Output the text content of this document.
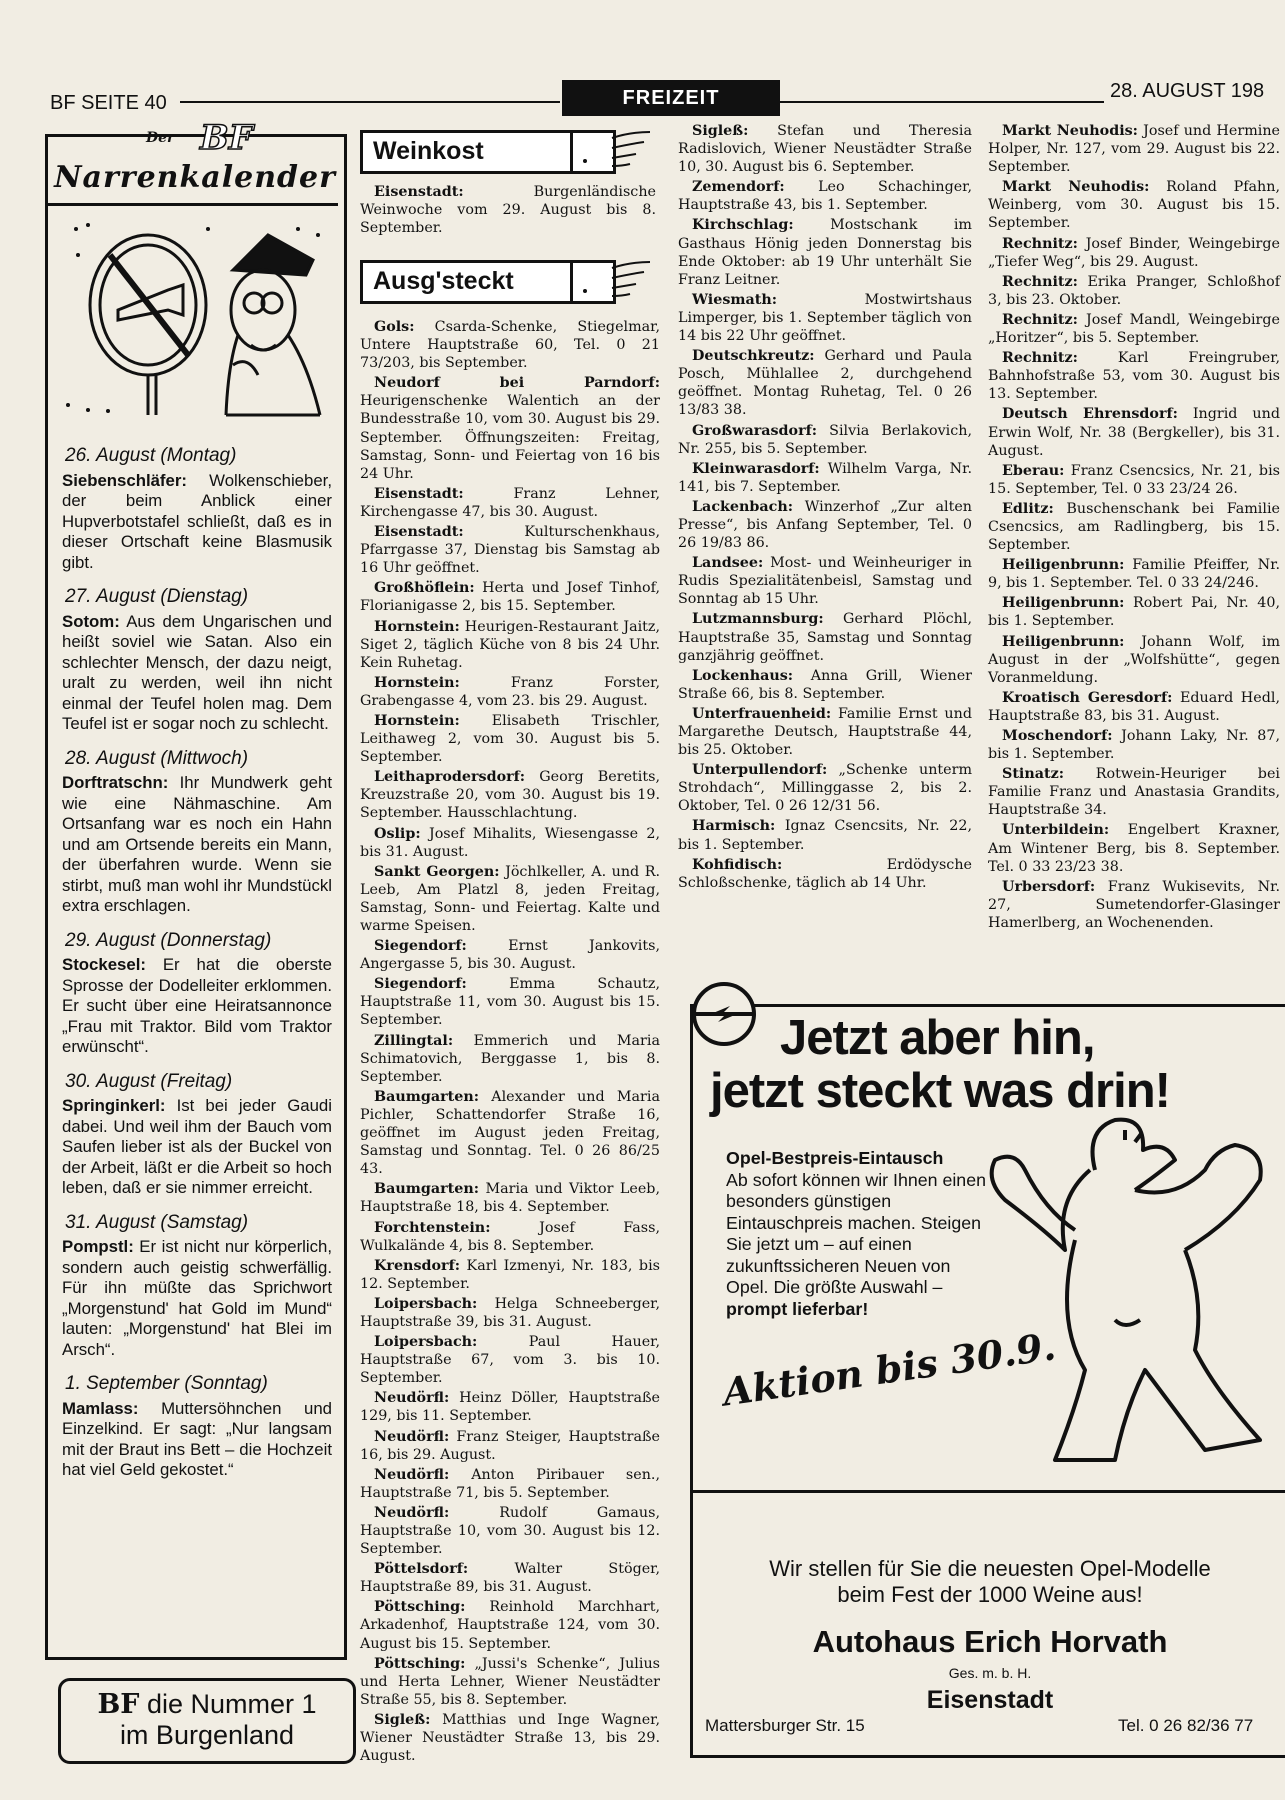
BF SEITE 40	FREIZEIT	28. AUGUST 198
Der BF
Narrenkalender
26. August (Montag)
Siebenschläfer: Wolkenschieber, der beim Anblick einer Hupverbotstafel schließt, daß es in dieser Ortschaft keine Blasmusik gibt.
27. August (Dienstag)
Sotom: Aus dem Ungarischen und heißt soviel wie Satan. Also ein schlechter Mensch, der dazu neigt, uralt zu werden, weil ihn nicht einmal der Teufel holen mag. Dem Teufel ist er sogar noch zu schlecht.
28. August (Mittwoch)
Dorftratschn: Ihr Mundwerk geht wie eine Nähmaschine. Am Ortsanfang war es noch ein Hahn und am Ortsende bereits ein Mann, der überfahren wurde. Wenn sie stirbt, muß man wohl ihr Mundstückl extra erschlagen.
29. August (Donnerstag)
Stockesel: Er hat die oberste Sprosse der Dodelleiter erklommen. Er sucht über eine Heiratsannonce „Frau mit Traktor. Bild vom Traktor erwünscht“.
30. August (Freitag)
Springinkerl: Ist bei jeder Gaudi dabei. Und weil ihm der Bauch vom Saufen lieber ist als der Buckel von der Arbeit, läßt er die Arbeit so hoch leben, daß er sie nimmer erreicht.
31. August (Samstag)
Pompstl: Er ist nicht nur körperlich, sondern auch geistig schwerfällig. Für ihn müßte das Sprichwort „Morgenstund' hat Gold im Mund“ lauten: „Morgenstund' hat Blei im Arsch“.
1. September (Sonntag)
Mamlass: Muttersöhnchen und Einzelkind. Er sagt: „Nur langsam mit der Braut ins Bett – die Hochzeit hat viel Geld gekostet.“
BF die Nummer 1
im Burgenland
Weinkost

Eisenstadt: Burgenländische Weinwoche vom 29. August bis 8. September.

Ausg'steckt

Gols: Csarda-Schenke, Stiegelmar, Untere Hauptstraße 60, Tel. 0 21 73/203, bis September.

Neudorf bei Parndorf: Heurigenschenke Walentich an der Bundesstraße 10, vom 30. August bis 29. September. Öffnungszeiten: Freitag, Samstag, Sonn- und Feiertag von 16 bis 24 Uhr.

Eisenstadt: Franz Lehner, Kirchengasse 47, bis 30. August.

Eisenstadt: Kulturschenkhaus, Pfarrgasse 37, Dienstag bis Samstag ab 16 Uhr geöffnet.

Großhöflein: Herta und Josef Tinhof, Florianigasse 2, bis 15. September.

Hornstein: Heurigen-Restaurant Jaitz, Siget 2, täglich Küche von 8 bis 24 Uhr. Kein Ruhetag.

Hornstein: Franz Forster, Grabengasse 4, vom 23. bis 29. August.

Hornstein: Elisabeth Trischler, Leithaweg 2, vom 30. August bis 5. September.

Leithaprodersdorf: Georg Beretits, Kreuzstraße 20, vom 30. August bis 19. September. Hausschlachtung.

Oslip: Josef Mihalits, Wiesengasse 2, bis 31. August.

Sankt Georgen: Jöchlkeller, A. und R. Leeb, Am Platzl 8, jeden Freitag, Samstag, Sonn- und Feiertag. Kalte und warme Speisen.

Siegendorf: Ernst Jankovits, Angergasse 5, bis 30. August.

Siegendorf: Emma Schautz, Hauptstraße 11, vom 30. August bis 15. September.

Zillingtal: Emmerich und Maria Schimatovich, Berggasse 1, bis 8. September.

Baumgarten: Alexander und Maria Pichler, Schattendorfer Straße 16, geöffnet im August jeden Freitag, Samstag und Sonntag. Tel. 0 26 86/25 43.

Baumgarten: Maria und Viktor Leeb, Hauptstraße 18, bis 4. September.

Forchtenstein: Josef Fass, Wulkalände 4, bis 8. September.

Krensdorf: Karl Izmenyi, Nr. 183, bis 12. September.

Loipersbach: Helga Schneeberger, Hauptstraße 39, bis 31. August.

Loipersbach: Paul Hauer, Hauptstraße 67, vom 3. bis 10. September.

Neudörfl: Heinz Döller, Hauptstraße 129, bis 11. September.

Neudörfl: Franz Steiger, Hauptstraße 16, bis 29. August.

Neudörfl: Anton Piribauer sen., Hauptstraße 71, bis 5. September.

Neudörfl: Rudolf Gamaus, Hauptstraße 10, vom 30. August bis 12. September.

Pöttelsdorf: Walter Stöger, Hauptstraße 89, bis 31. August.

Pöttsching: Reinhold Marchhart, Arkadenhof, Hauptstraße 124, vom 30. August bis 15. September.

Pöttsching: „Jussi's Schenke“, Julius und Herta Lehner, Wiener Neustädter Straße 55, bis 8. September.

Sigleß: Matthias und Inge Wagner, Wiener Neustädter Straße 13, bis 29. August.

Sigleß: Stefan und Theresia Radislovich, Wiener Neustädter Straße 10, 30. August bis 6. September.

Zemendorf: Leo Schachinger, Hauptstraße 43, bis 1. September.

Kirchschlag: Mostschank im Gasthaus Hönig jeden Donnerstag bis Ende Oktober: ab 19 Uhr unterhält Sie Franz Leitner.

Wiesmath: Mostwirtshaus Limperger, bis 1. September täglich von 14 bis 22 Uhr geöffnet.

Deutschkreutz: Gerhard und Paula Posch, Mühlallee 2, durchgehend geöffnet. Montag Ruhetag, Tel. 0 26 13/83 38.

Großwarasdorf: Silvia Berlakovich, Nr. 255, bis 5. September.

Kleinwarasdorf: Wilhelm Varga, Nr. 141, bis 7. September.

Lackenbach: Winzerhof „Zur alten Presse“, bis Anfang September, Tel. 0 26 19/83 86.

Landsee: Most- und Weinheuriger in Rudis Spezialitätenbeisl, Samstag und Sonntag ab 15 Uhr.

Lutzmannsburg: Gerhard Plöchl, Hauptstraße 35, Samstag und Sonntag ganzjährig geöffnet.

Lockenhaus: Anna Grill, Wiener Straße 66, bis 8. September.

Unterfrauenheid: Familie Ernst und Margarethe Deutsch, Hauptstraße 44, bis 25. Oktober.

Unterpullendorf: „Schenke unterm Strohdach“, Millinggasse 2, bis 2. Oktober, Tel. 0 26 12/31 56.

Harmisch: Ignaz Csencsits, Nr. 22, bis 1. September.

Kohfidisch: Erdödysche Schloßschenke, täglich ab 14 Uhr.

Markt Neuhodis: Josef und Hermine Holper, Nr. 127, vom 29. August bis 22. September.

Markt Neuhodis: Roland Pfahn, Weinberg, vom 30. August bis 15. September.

Rechnitz: Josef Binder, Weingebirge „Tiefer Weg“, bis 29. August.

Rechnitz: Erika Pranger, Schloßhof 3, bis 23. Oktober.

Rechnitz: Josef Mandl, Weingebirge „Horitzer“, bis 5. September.

Rechnitz: Karl Freingruber, Bahnhofstraße 53, vom 30. August bis 13. September.

Deutsch Ehrensdorf: Ingrid und Erwin Wolf, Nr. 38 (Bergkeller), bis 31. August.

Eberau: Franz Csencsics, Nr. 21, bis 15. September, Tel. 0 33 23/24 26.

Edlitz: Buschenschank bei Familie Csencsics, am Radlingberg, bis 15. September.

Heiligenbrunn: Familie Pfeiffer, Nr. 9, bis 1. September. Tel. 0 33 24/246.

Heiligenbrunn: Robert Pai, Nr. 40, bis 1. September.

Heiligenbrunn: Johann Wolf, im August in der „Wolfshütte“, gegen Voranmeldung.

Kroatisch Geresdorf: Eduard Hedl, Hauptstraße 83, bis 31. August.

Moschendorf: Johann Laky, Nr. 87, bis 1. September.

Stinatz: Rotwein-Heuriger bei Familie Franz und Anastasia Grandits, Hauptstraße 34.

Unterbildein: Engelbert Kraxner, Am Wintener Berg, bis 8. September. Tel. 0 33 23/23 38.

Urbersdorf: Franz Wukisevits, Nr. 27, Sumetendorfer-Glasinger Hamerlberg, an Wochenenden.

Jetzt aber hin,
jetzt steckt was drin!
Opel-Bestpreis-Eintausch
Ab sofort können wir Ihnen einen besonders günstigen Eintauschpreis machen. Steigen Sie jetzt um – auf einen zukunftssicheren Neuen von Opel. Die größte Auswahl –
prompt lieferbar!
Aktion bis 30.9.
Wir stellen für Sie die neuesten Opel-Modelle
beim Fest der 1000 Weine aus!
Autohaus Erich Horvath
Ges. m. b. H.
Eisenstadt
Mattersburger Str. 15	Tel. 0 26 82/36 77
